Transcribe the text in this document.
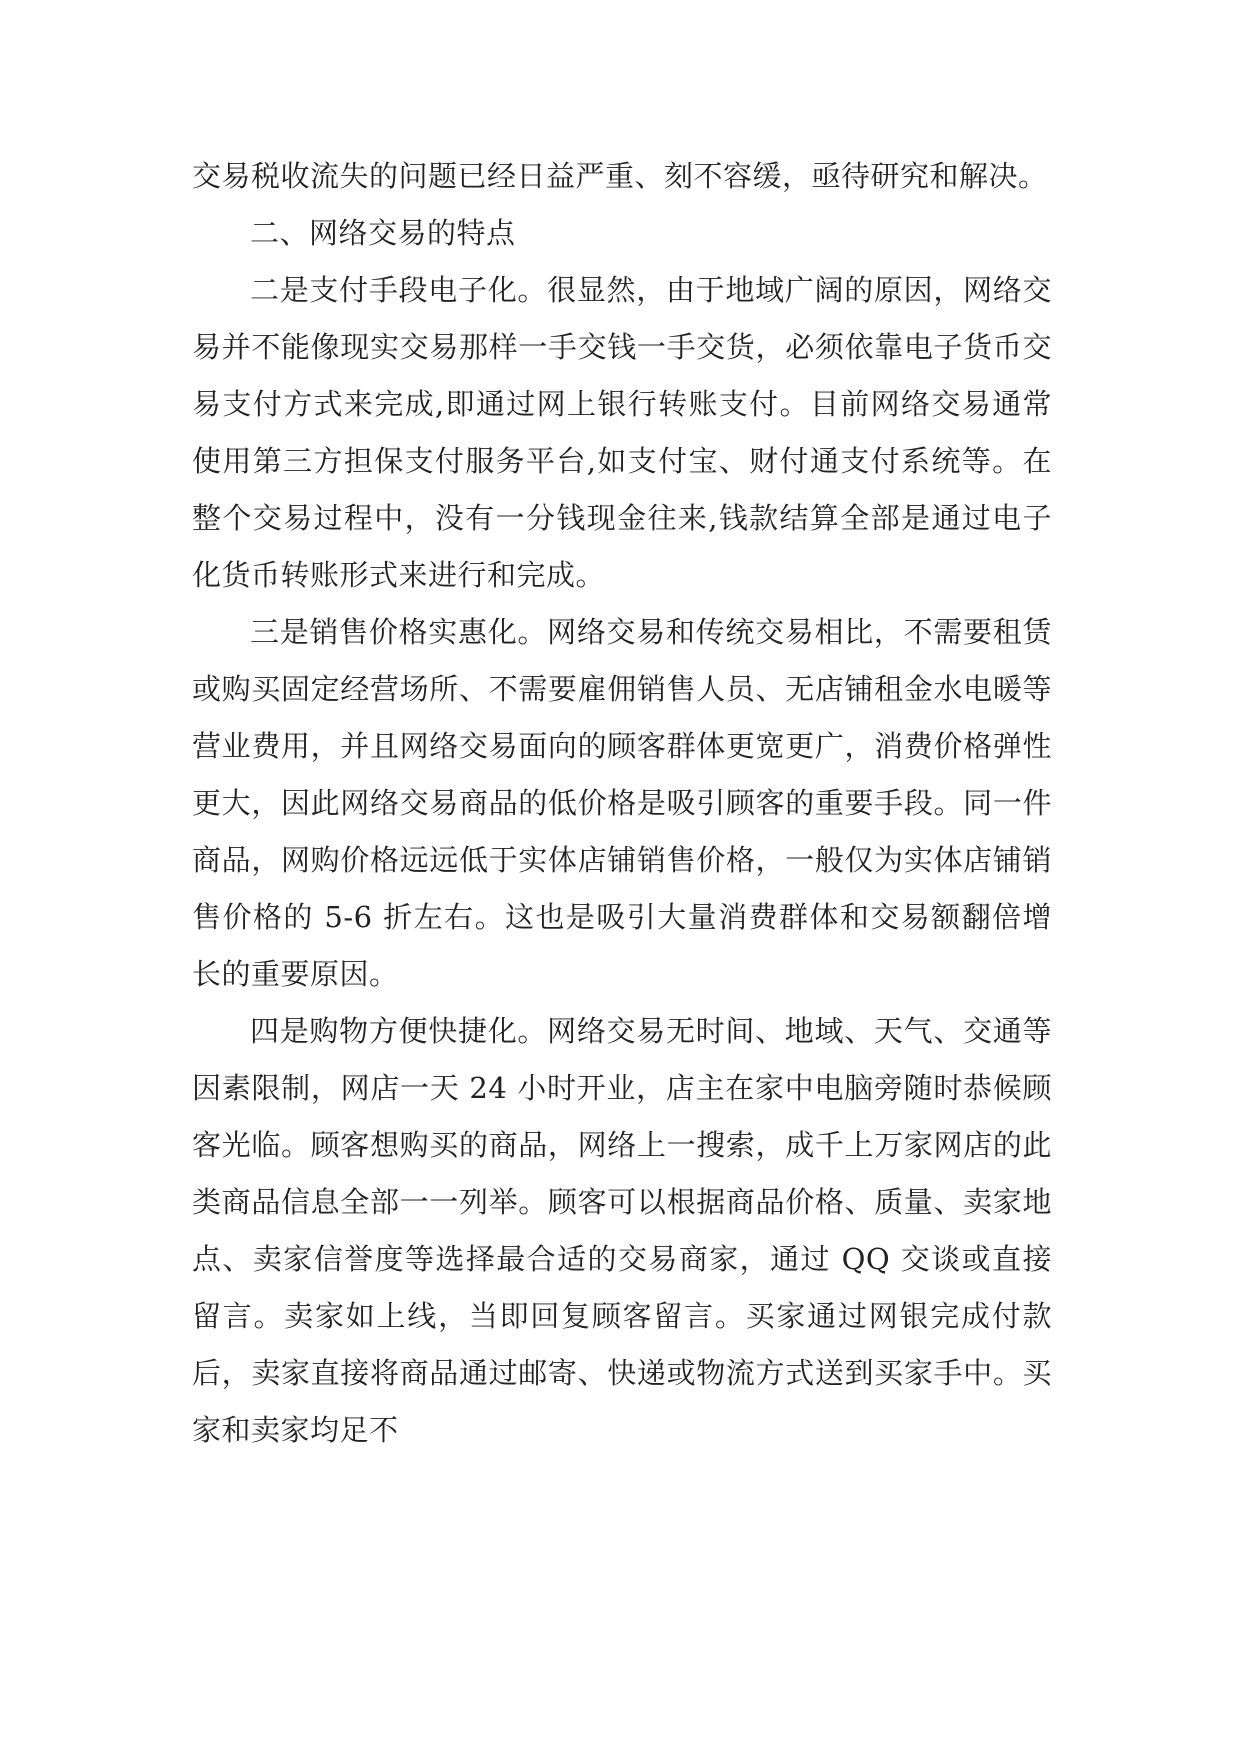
交易税收流失的问题已经日益严重、刻不容缓，亟待研究和解决。

二、网络交易的特点

二是支付手段电子化。很显然，由于地域广阔的原因，网络交易并不能像现实交易那样一手交钱一手交货，必须依靠电子货币交易支付方式来完成,即通过网上银行转账支付。目前网络交易通常使用第三方担保支付服务平台,如支付宝、财付通支付系统等。在整个交易过程中，没有一分钱现金往来,钱款结算全部是通过电子化货币转账形式来进行和完成。

三是销售价格实惠化。网络交易和传统交易相比，不需要租赁或购买固定经营场所、不需要雇佣销售人员、无店铺租金水电暖等营业费用，并且网络交易面向的顾客群体更宽更广，消费价格弹性更大，因此网络交易商品的低价格是吸引顾客的重要手段。同一件商品，网购价格远远低于实体店铺销售价格，一般仅为实体店铺销售价格的 5-6 折左右。这也是吸引大量消费群体和交易额翻倍增长的重要原因。

四是购物方便快捷化。网络交易无时间、地域、天气、交通等因素限制，网店一天 24 小时开业，店主在家中电脑旁随时恭候顾客光临。顾客想购买的商品，网络上一搜索，成千上万家网店的此类商品信息全部一一列举。顾客可以根据商品价格、质量、卖家地点、卖家信誉度等选择最合适的交易商家，通过 QQ 交谈或直接留言。卖家如上线，当即回复顾客留言。买家通过网银完成付款后，卖家直接将商品通过邮寄、快递或物流方式送到买家手中。买家和卖家均足不
